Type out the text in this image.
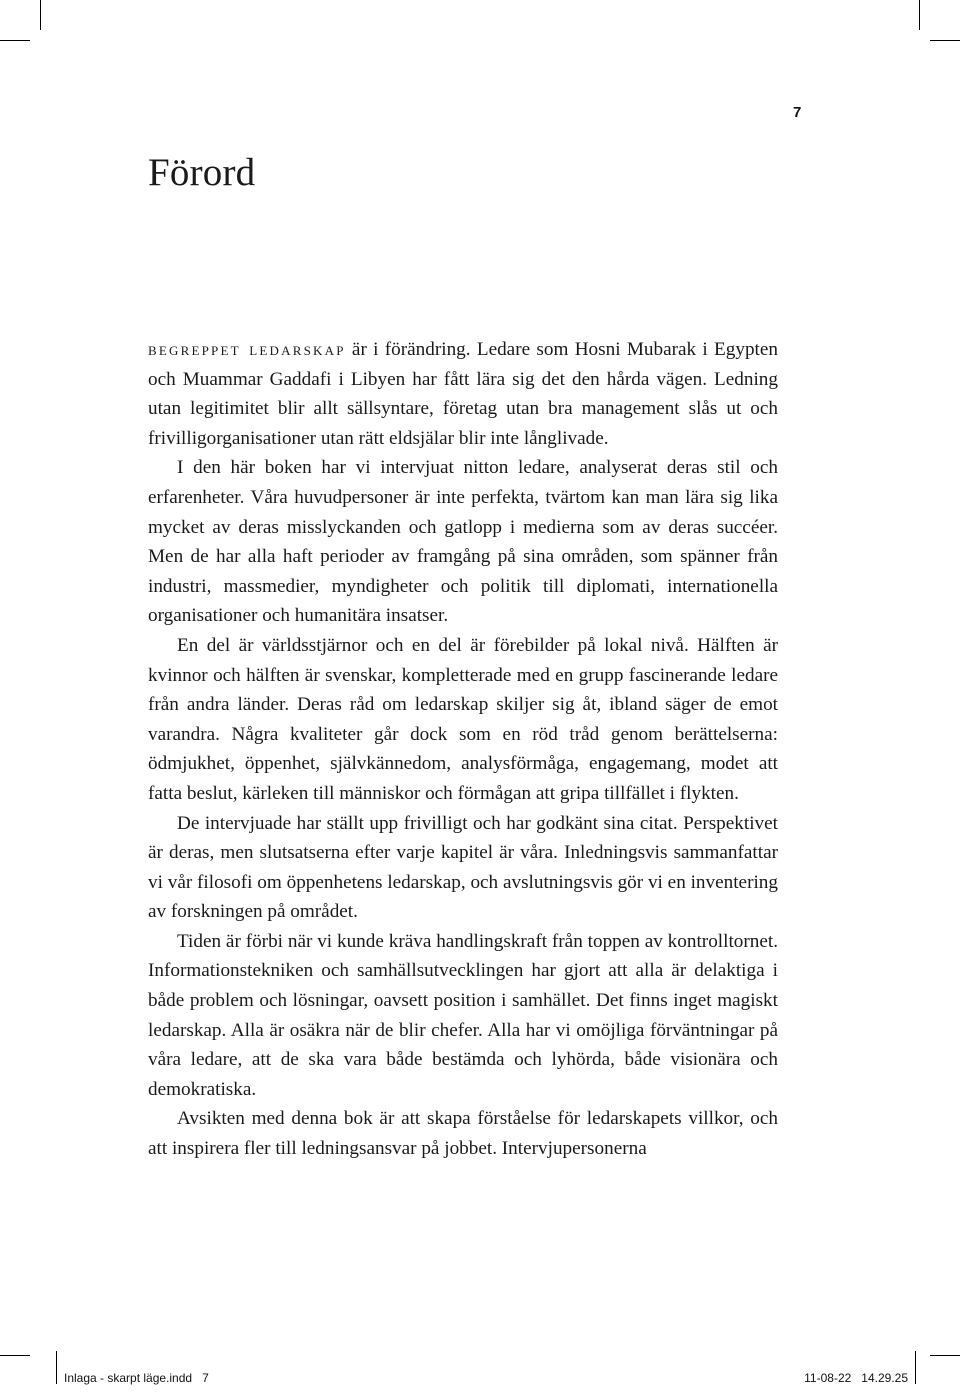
7
Förord

begreppet ledarskap är i förändring. Ledare som Hosni Mubarak i Egypten och Muammar Gaddafi i Libyen har fått lära sig det den hårda vägen. Ledning utan legitimitet blir allt sällsyntare, företag utan bra management slås ut och frivilligorganisationer utan rätt eldsjälar blir inte långlivade.

I den här boken har vi intervjuat nitton ledare, analyserat deras stil och erfarenheter. Våra huvudpersoner är inte perfekta, tvärtom kan man lära sig lika mycket av deras misslyckanden och gatlopp i medierna som av deras succéer. Men de har alla haft perioder av framgång på sina områden, som spänner från industri, massmedier, myndigheter och politik till diplomati, internationella organisationer och humanitära insatser.

En del är världsstjärnor och en del är förebilder på lokal nivå. Hälften är kvinnor och hälften är svenskar, kompletterade med en grupp fascinerande ledare från andra länder. Deras råd om ledarskap skiljer sig åt, ibland säger de emot varandra. Några kvaliteter går dock som en röd tråd genom berättelserna: ödmjukhet, öppenhet, självkännedom, analysförmåga, engagemang, modet att fatta beslut, kärleken till människor och förmågan att gripa tillfället i flykten.

De intervjuade har ställt upp frivilligt och har godkänt sina citat. Perspektivet är deras, men slutsatserna efter varje kapitel är våra. Inledningsvis sammanfattar vi vår filosofi om öppenhetens ledarskap, och avslutningsvis gör vi en inventering av forskningen på området.

Tiden är förbi när vi kunde kräva handlingskraft från toppen av kontrolltornet. Informationstekniken och samhällsutvecklingen har gjort att alla är delaktiga i både problem och lösningar, oavsett position i samhället. Det finns inget magiskt ledarskap. Alla är osäkra när de blir chefer. Alla har vi omöjliga förväntningar på våra ledare, att de ska vara både bestämda och lyhörda, både visionära och demokratiska.

Avsikten med denna bok är att skapa förståelse för ledarskapets villkor, och att inspirera fler till ledningsansvar på jobbet. Intervjupersonerna

Inlaga - skarpt läge.indd   7	11-08-22   14.29.25
